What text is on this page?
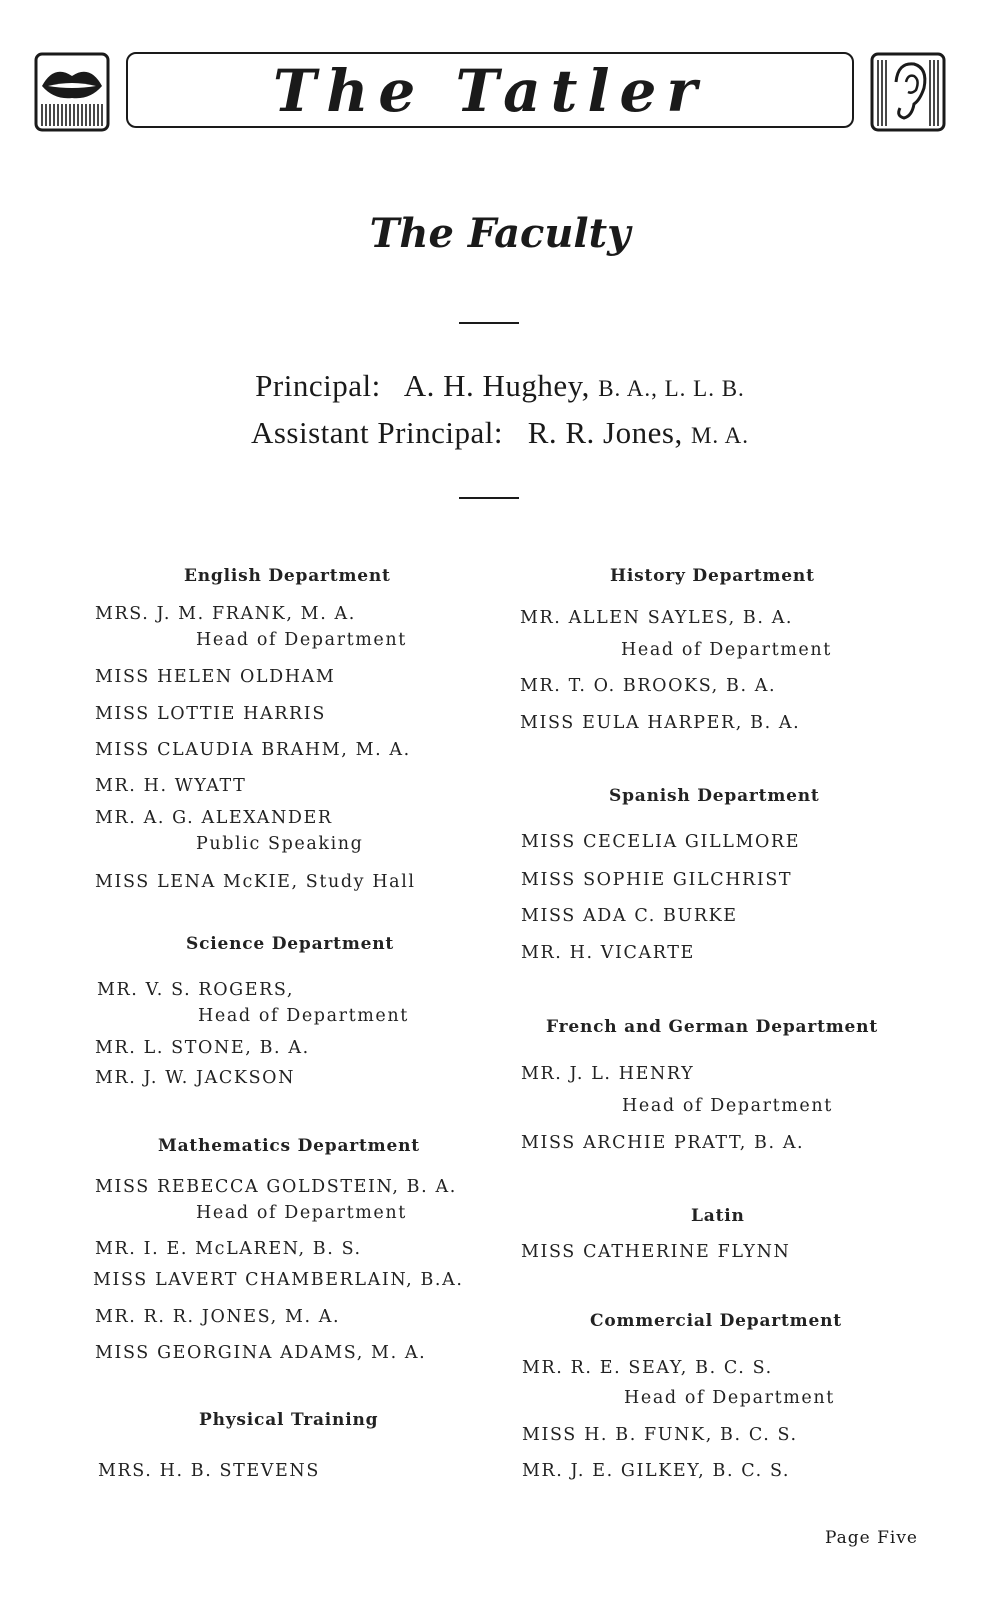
The Tatler
The Faculty
Principal: A. H. Hughey, B. A., L. L. B.
Assistant Principal: R. R. Jones, M. A.
English Department
MRS. J. M. FRANK, M. A.
Head of Department
MISS HELEN OLDHAM
MISS LOTTIE HARRIS
MISS CLAUDIA BRAHM, M. A.
MR. H. WYATT
MR. A. G. ALEXANDER
Public Speaking
MISS LENA McKIE, Study Hall
Science Department
MR. V. S. ROGERS,
Head of Department
MR. L. STONE, B. A.
MR. J. W. JACKSON
Mathematics Department
MISS REBECCA GOLDSTEIN, B. A.
Head of Department
MR. I. E. McLAREN, B. S.
MISS LAVERT CHAMBERLAIN, B.A.
MR. R. R. JONES, M. A.
MISS GEORGINA ADAMS, M. A.
Physical Training
MRS. H. B. STEVENS
History Department
MR. ALLEN SAYLES, B. A.
Head of Department
MR. T. O. BROOKS, B. A.
MISS EULA HARPER, B. A.
Spanish Department
MISS CECELIA GILLMORE
MISS SOPHIE GILCHRIST
MISS ADA C. BURKE
MR. H. VICARTE
French and German Department
MR. J. L. HENRY
Head of Department
MISS ARCHIE PRATT, B. A.
Latin
MISS CATHERINE FLYNN
Commercial Department
MR. R. E. SEAY, B. C. S.
Head of Department
MISS H. B. FUNK, B. C. S.
MR. J. E. GILKEY, B. C. S.
Page Five
